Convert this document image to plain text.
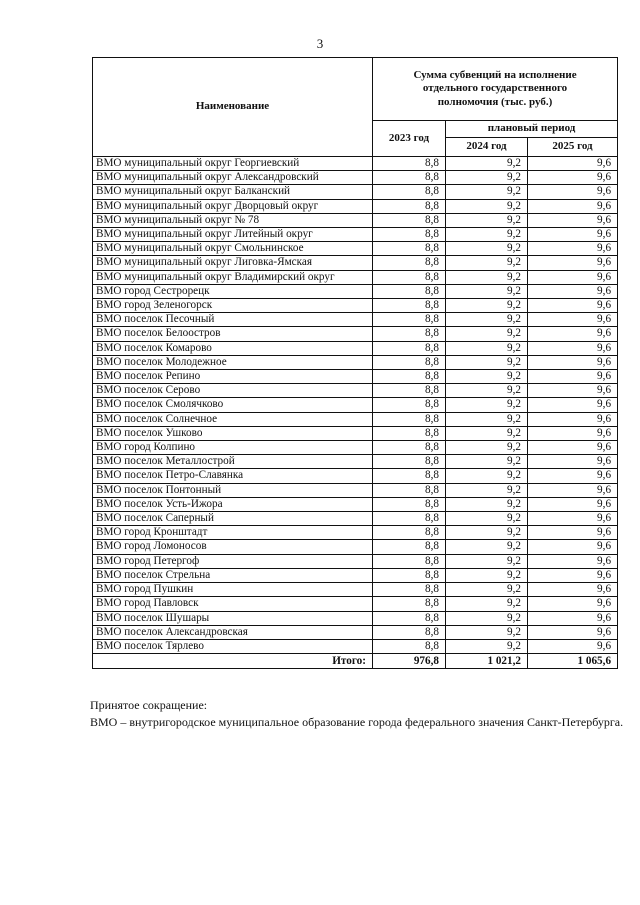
3
Наименование	Сумма субвенций на исполнение отдельного государственного полномочия (тыс. руб.)		
	2023 год	плановый период	
		2024 год	2025 год
ВМО муниципальный округ Георгиевский	8,8	9,2	9,6
ВМО муниципальный округ Александровский	8,8	9,2	9,6
ВМО муниципальный округ Балканский	8,8	9,2	9,6
ВМО муниципальный округ Дворцовый округ	8,8	9,2	9,6
ВМО муниципальный округ № 78	8,8	9,2	9,6
ВМО муниципальный округ Литейный округ	8,8	9,2	9,6
ВМО муниципальный округ Смольнинское	8,8	9,2	9,6
ВМО муниципальный округ Лиговка-Ямская	8,8	9,2	9,6
ВМО муниципальный округ Владимирский округ	8,8	9,2	9,6
ВМО город Сестрорецк	8,8	9,2	9,6
ВМО город Зеленогорск	8,8	9,2	9,6
ВМО поселок Песочный	8,8	9,2	9,6
ВМО поселок Белоостров	8,8	9,2	9,6
ВМО поселок Комарово	8,8	9,2	9,6
ВМО поселок Молодежное	8,8	9,2	9,6
ВМО поселок Репино	8,8	9,2	9,6
ВМО поселок Серово	8,8	9,2	9,6
ВМО поселок Смолячково	8,8	9,2	9,6
ВМО поселок Солнечное	8,8	9,2	9,6
ВМО поселок Ушково	8,8	9,2	9,6
ВМО город Колпино	8,8	9,2	9,6
ВМО поселок Металлострой	8,8	9,2	9,6
ВМО поселок Петро-Славянка	8,8	9,2	9,6
ВМО поселок Понтонный	8,8	9,2	9,6
ВМО поселок Усть-Ижора	8,8	9,2	9,6
ВМО поселок Саперный	8,8	9,2	9,6
ВМО город Кронштадт	8,8	9,2	9,6
ВМО город Ломоносов	8,8	9,2	9,6
ВМО город Петергоф	8,8	9,2	9,6
ВМО поселок Стрельна	8,8	9,2	9,6
ВМО город Пушкин	8,8	9,2	9,6
ВМО город Павловск	8,8	9,2	9,6
ВМО поселок Шушары	8,8	9,2	9,6
ВМО поселок Александровская	8,8	9,2	9,6
ВМО поселок Тярлево	8,8	9,2	9,6
Итого:	976,8	1 021,2	1 065,6
Принятое сокращение:
ВМО – внутригородское муниципальное образование города федерального значения Санкт-Петербурга.
